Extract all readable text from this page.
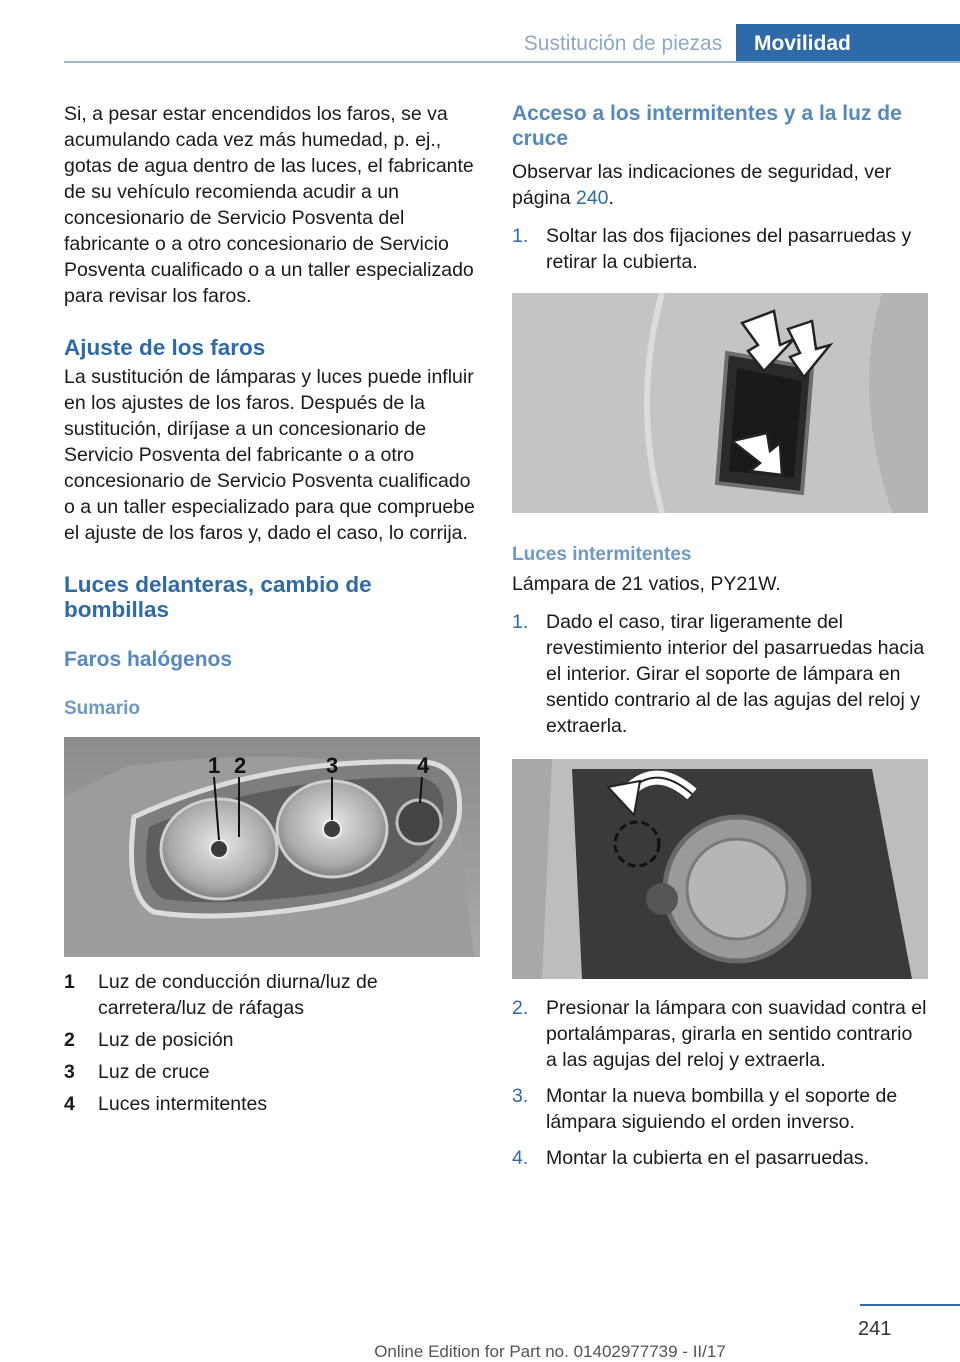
Sustitución de piezas	Movilidad

Si, a pesar estar encendidos los faros, se va acumulando cada vez más humedad, p. ej., gotas de agua dentro de las luces, el fabricante de su vehículo recomienda acudir a un concesionario de Servicio Posventa del fabricante o a otro concesionario de Servicio Posventa cualificado o a un taller especializado para revisar los faros.

Ajuste de los faros

La sustitución de lámparas y luces puede influir en los ajustes de los faros. Después de la sustitución, diríjase a un concesionario de Servicio Posventa del fabricante o a otro concesionario de Servicio Posventa cualificado o a un taller especializado para que compruebe el ajuste de los faros y, dado el caso, lo corrija.

Luces delanteras, cambio de bombillas
Faros halógenos
Sumario
1 2	3	4
1	Luz de conducción diurna/luz de carretera/luz de ráfagas
2	Luz de posición
3	Luz de cruce
4	Luces intermitentes
Acceso a los intermitentes y a la luz de cruce

Observar las indicaciones de seguridad, ver página 240.

1. Soltar las dos fijaciones del pasarruedas y retirar la cubierta.
Luces intermitentes

Lámpara de 21 vatios, PY21W.

1. Dado el caso, tirar ligeramente del revestimiento interior del pasarruedas hacia el interior. Girar el soporte de lámpara en sentido contrario al de las agujas del reloj y extraerla.
2. Presionar la lámpara con suavidad contra el portalámparas, girarla en sentido contrario a las agujas del reloj y extraerla.
3. Montar la nueva bombilla y el soporte de lámpara siguiendo el orden inverso.
4. Montar la cubierta en el pasarruedas.
241
Online Edition for Part no. 01402977739 - II/17
